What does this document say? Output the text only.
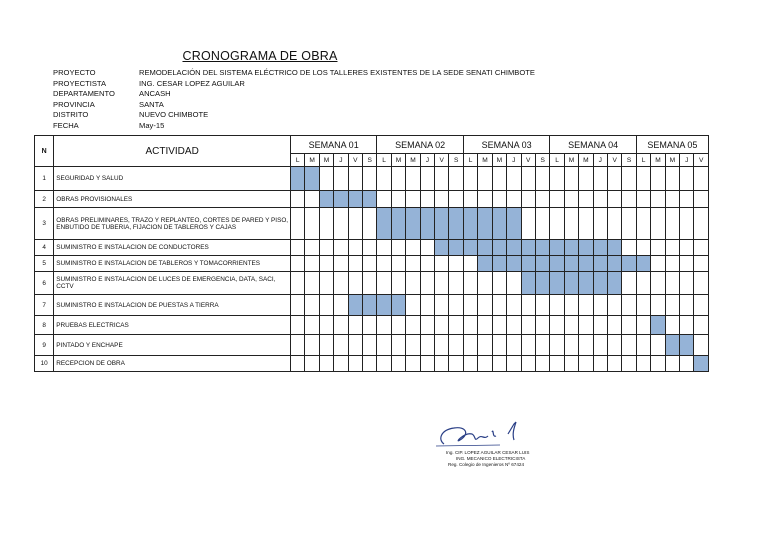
CRONOGRAMA DE OBRA
PROYECTO	REMODELACIÓN DEL SISTEMA ELÉCTRICO DE LOS TALLERES EXISTENTES DE LA SEDE SENATI CHIMBOTE
PROYECTISTA	ING. CESAR LOPEZ AGUILAR
DEPARTAMENTO	ANCASH
PROVINCIA	SANTA
DISTRITO	NUEVO CHIMBOTE
FECHA	May-15
N	ACTIVIDAD	SEMANA 01						SEMANA 02						SEMANA 03						SEMANA 04						SEMANA 05				
		L	M	M	J	V	S	L	M	M	J	V	S	L	M	M	J	V	S	L	M	M	J	V	S	L	M	M	J	V
1	SEGURIDAD Y SALUD																													
2	OBRAS PROVISIONALES																													
3	OBRAS PRELIMINARES, TRAZO Y REPLANTEO, CORTES DE PARED Y PISO, ENBUTIDO DE TUBERIA, FIJACION DE TABLEROS Y CAJAS																													
4	SUMINISTRO E INSTALACION DE CONDUCTORES																													
5	SUMINISTRO E INSTALACION DE TABLEROS Y TOMACORRIENTES																													
6	SUMINISTRO E INSTALACION DE LUCES DE EMERGENCIA, DATA, SACI, CCTV																													
7	SUMINISTRO E INSTALACION DE PUESTAS A TIERRA																													
8	PRUEBAS ELECTRICAS																													
9	PINTADO Y ENCHAPE																													
10	RECEPCION DE OBRA																													
Ing. CIP. LOPEZ AGUILAR CESAR LUIS
ING. MECANICO ELECTRICISTA
Reg. Colegio de Ingenieros Nº 67424
